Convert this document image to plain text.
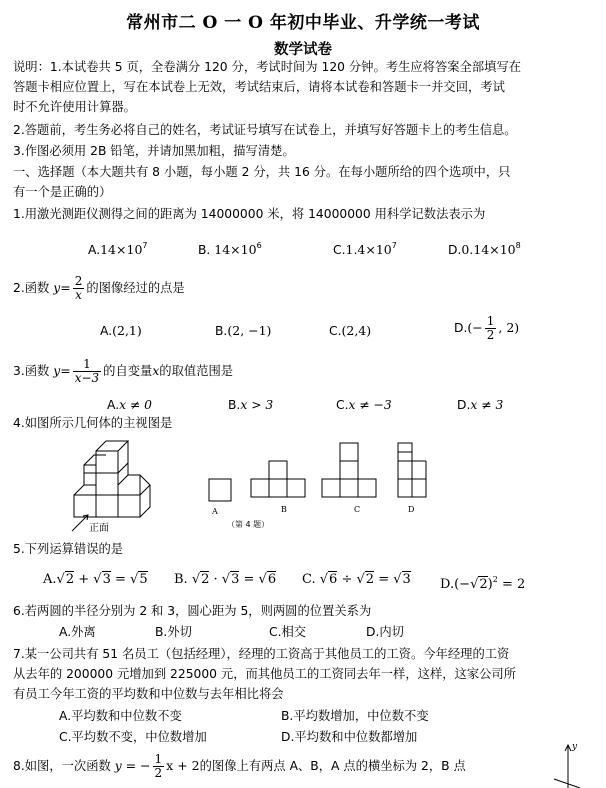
常州市二 O 一 O 年初中毕业、升学统一考试
数学试卷
说明：1.本试卷共 5 页，全卷满分 120 分，考试时间为 120 分钟。考生应将答案全部填写在
答题卡相应位置上，写在本试卷上无效，考试结束后，请将本试卷和答题卡一并交回，考试
时不允许使用计算器。
2.答题前，考生务必将自己的姓名，考试证号填写在试卷上，并填写好答题卡上的考生信息。
3.作图必须用 2B 铅笔，并请加黑加粗，描写清楚。
一、选择题（本大题共有 8 小题，每小题 2 分，共 16 分。在每小题所给的四个选项中，只
有一个是正确的）
1.用激光测距仪测得之间的距离为 14000000 米，将 14000000 用科学记数法表示为
$A.14\times 10^7$	B. $14\times 10^6$	$C.1.4\times 10^7$	$D.0.14\times 10^8$
2.函数 $y= \frac{2}{x}$ 的图像经过的点是
A.(2,1)	B.(2, −1)	C.(2,4)	$D.(- \frac{1}{2}$ , 2)
3.函数 $y= \frac{1}{x-3}$ 的自变量x的取值范围是
A.x ≠ 0	B.x > 3	C.x ≠ −3	D.x ≠ 3
4.如图所示几何体的主视图是
正面
A	B	C	D
（第 4 题）
5.下列运算错误的是
A.√2 + √3 = √5 B. √2 · √3 = √6 C. √6 ÷ √2 = √3 $D.(-√2)^2 = 2$
6.若两圆的半径分别为 2 和 3，圆心距为 5，则两圆的位置关系为
A.外离	B.外切	C.相交	D.内切
7.某一公司共有 51 名员工（包括经理），经理的工资高于其他员工的工资。今年经理的工资
从去年的 200000 元增加到 225000 元，而其他员工的工资同去年一样，这样，这家公司所
有员工今年工资的平均数和中位数与去年相比将会
A.平均数和中位数不变	B.平均数增加，中位数不变
C.平均数不变，中位数增加	D.平均数和中位数都增加
8.如图，一次函数 y = − $\frac{1}{2}$ x + 2的图像上有两点 A、B，A 点的横坐标为 2，B 点
y
